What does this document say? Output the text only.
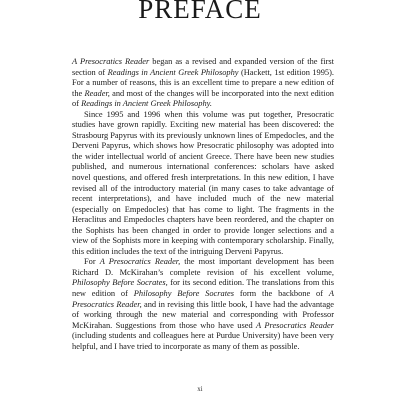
PREFACE

A Presocratics Reader began as a revised and expanded version of the first section of Readings in Ancient Greek Philosophy (Hackett, 1st edition 1995). For a number of reasons, this is an excellent time to prepare a new edition of the Reader, and most of the changes will be incorporated into the next edition of Readings in Ancient Greek Philosophy.

Since 1995 and 1996 when this volume was put together, Presocratic studies have grown rapidly. Exciting new material has been discovered: the Strasbourg Papyrus with its previously unknown lines of Empedocles, and the Derveni Papyrus, which shows how Presocratic philosophy was adopted into the wider intellectual world of ancient Greece. There have been new studies published, and numerous international conferences: scholars have asked novel questions, and offered fresh interpretations. In this new edition, I have revised all of the introductory material (in many cases to take advantage of recent interpretations), and have included much of the new material (especially on Empedocles) that has come to light. The fragments in the Heraclitus and Empedocles chapters have been reordered, and the chapter on the Sophists has been changed in order to provide longer selections and a view of the Sophists more in keeping with contemporary scholarship. Finally, this edition includes the text of the intriguing Derveni Papyrus.

For A Presocratics Reader, the most important development has been Richard D. McKirahan’s complete revision of his excellent volume, Philosophy Before Socrates, for its second edition. The translations from this new edition of Philosophy Before Socrates form the backbone of A Presocratics Reader, and in revising this little book, I have had the advantage of working through the new material and corresponding with Professor McKirahan. Suggestions from those who have used A Presocratics Reader (including students and colleagues here at Purdue University) have been very helpful, and I have tried to incorporate as many of them as possible.

xi
